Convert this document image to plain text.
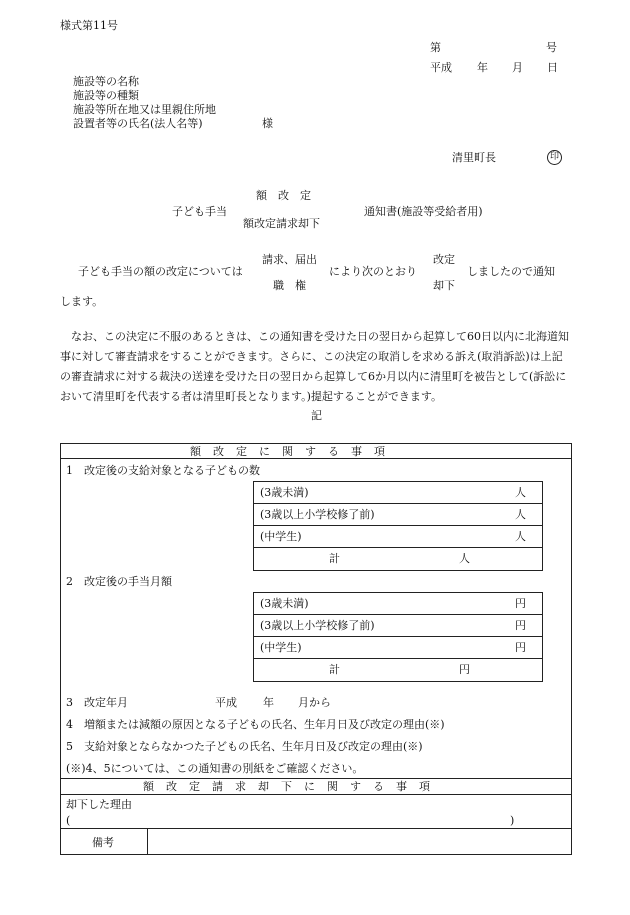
様式第11号
第	号
平成 年 月 日
施設等の名称
施設等の種類
施設等所在地又は里親住所地
設置者等の氏名(法人名等)	様
清里町長	印
額　改　定
子ども手当	通知書(施設等受給者用)
額改定請求却下
請求、届出	改定
子ども手当の額の改定については	により次のとおり	しましたので通知
職　権	却下
します。
なお、この決定に不服のあるときは、この通知書を受けた日の翌日から起算して60日以内に北海道知事に対して審査請求をすることができます。さらに、この決定の取消しを求める訴え(取消訴訟)は上記の審査請求に対する裁決の送達を受けた日の翌日から起算して6か月以内に清里町を被告として(訴訟において清里町を代表する者は清里町長となります。)提起することができます。
記
額改定に関する事項
1　改定後の支給対象となる子どもの数
(3歳未満)	人
(3歳以上小学校修了前)	人
(中学生)	人
計	人
2　改定後の手当月額
(3歳未満)	円
(3歳以上小学校修了前)	円
(中学生)	円
計	円
3　改定年月	平成 年 月から
4　増額または減額の原因となる子どもの氏名、生年月日及び改定の理由(※)
5　支給対象とならなかつた子どもの氏名、生年月日及び改定の理由(※)
(※)4、5については、この通知書の別紙をご確認ください。
額改定請求却下に関する事項
却下した理由
(	)
備考
